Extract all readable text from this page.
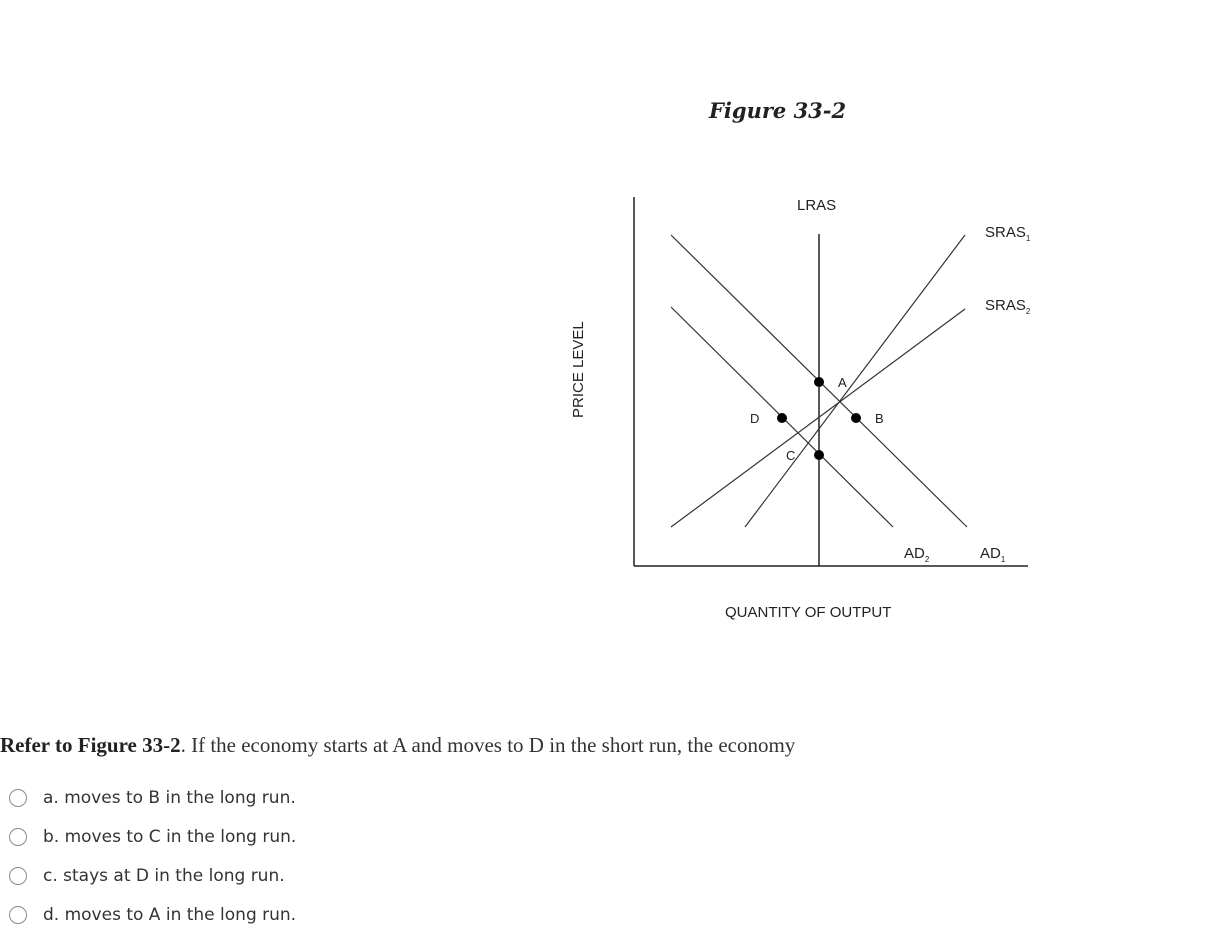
Figure 33-2
A
D	B
C
LRAS
$SRAS_1$
$SRAS_2$
$AD_2$	$AD_1$
PRICE LEVEL
QUANTITY OF OUTPUT
Refer to Figure 33-2. If the economy starts at A and moves to D in the short run, the economy
a. moves to B in the long run.
b. moves to C in the long run.
c. stays at D in the long run.
d. moves to A in the long run.
